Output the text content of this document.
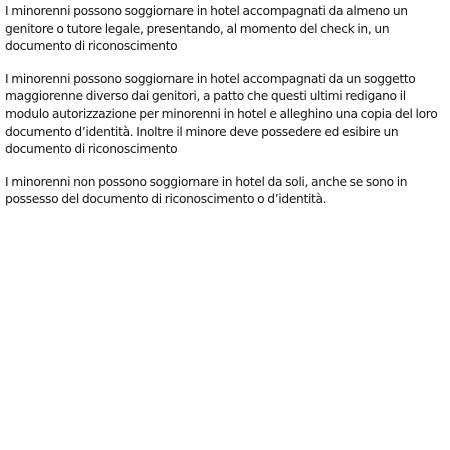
I minorenni possono soggiornare in hotel accompagnati da almeno un genitore o tutore legale, presentando, al momento del check in, un documento di riconoscimento

I minorenni possono soggiornare in hotel accompagnati da un soggetto maggiorenne diverso dai genitori, a patto che questi ultimi redigano il modulo autorizzazione per minorenni in hotel e alleghino una copia del loro documento d’identità. Inoltre il minore deve possedere ed esibire un documento di riconoscimento

I minorenni non possono soggiornare in hotel da soli, anche se sono in possesso del documento di riconoscimento o d’identità.
